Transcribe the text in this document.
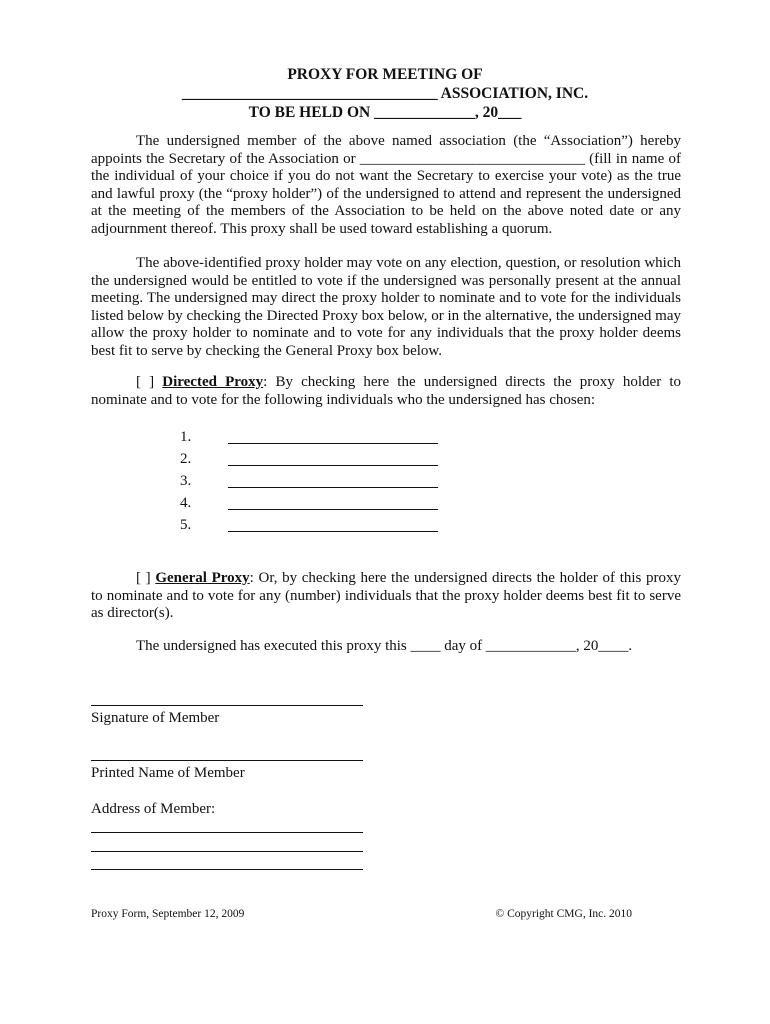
PROXY FOR MEETING OF
_________________________________ ASSOCIATION, INC.
TO BE HELD ON _____________, 20___
The undersigned member of the above named association (the “Association”) hereby appoints the Secretary of the Association or ______________________________ (fill in name of the individual of your choice if you do not want the Secretary to exercise your vote) as the true and lawful proxy (the “proxy holder”) of the undersigned to attend and represent the undersigned at the meeting of the members of the Association to be held on the above noted date or any adjournment thereof. This proxy shall be used toward establishing a quorum.
The above-identified proxy holder may vote on any election, question, or resolution which the undersigned would be entitled to vote if the undersigned was personally present at the annual meeting. The undersigned may direct the proxy holder to nominate and to vote for the individuals listed below by checking the Directed Proxy box below, or in the alternative, the undersigned may allow the proxy holder to nominate and to vote for any individuals that the proxy holder deems best fit to serve by checking the General Proxy box below.
[ ] Directed Proxy: By checking here the undersigned directs the proxy holder to nominate and to vote for the following individuals who the undersigned has chosen:
1.
2.
3.
4.
5.
[ ] General Proxy: Or, by checking here the undersigned directs the holder of this proxy to nominate and to vote for any (number) individuals that the proxy holder deems best fit to serve as director(s).
The undersigned has executed this proxy this ____ day of ____________, 20____.
Signature of Member
Printed Name of Member
Address of Member:
Proxy Form, September 12, 2009	© Copyright CMG, Inc. 2010
